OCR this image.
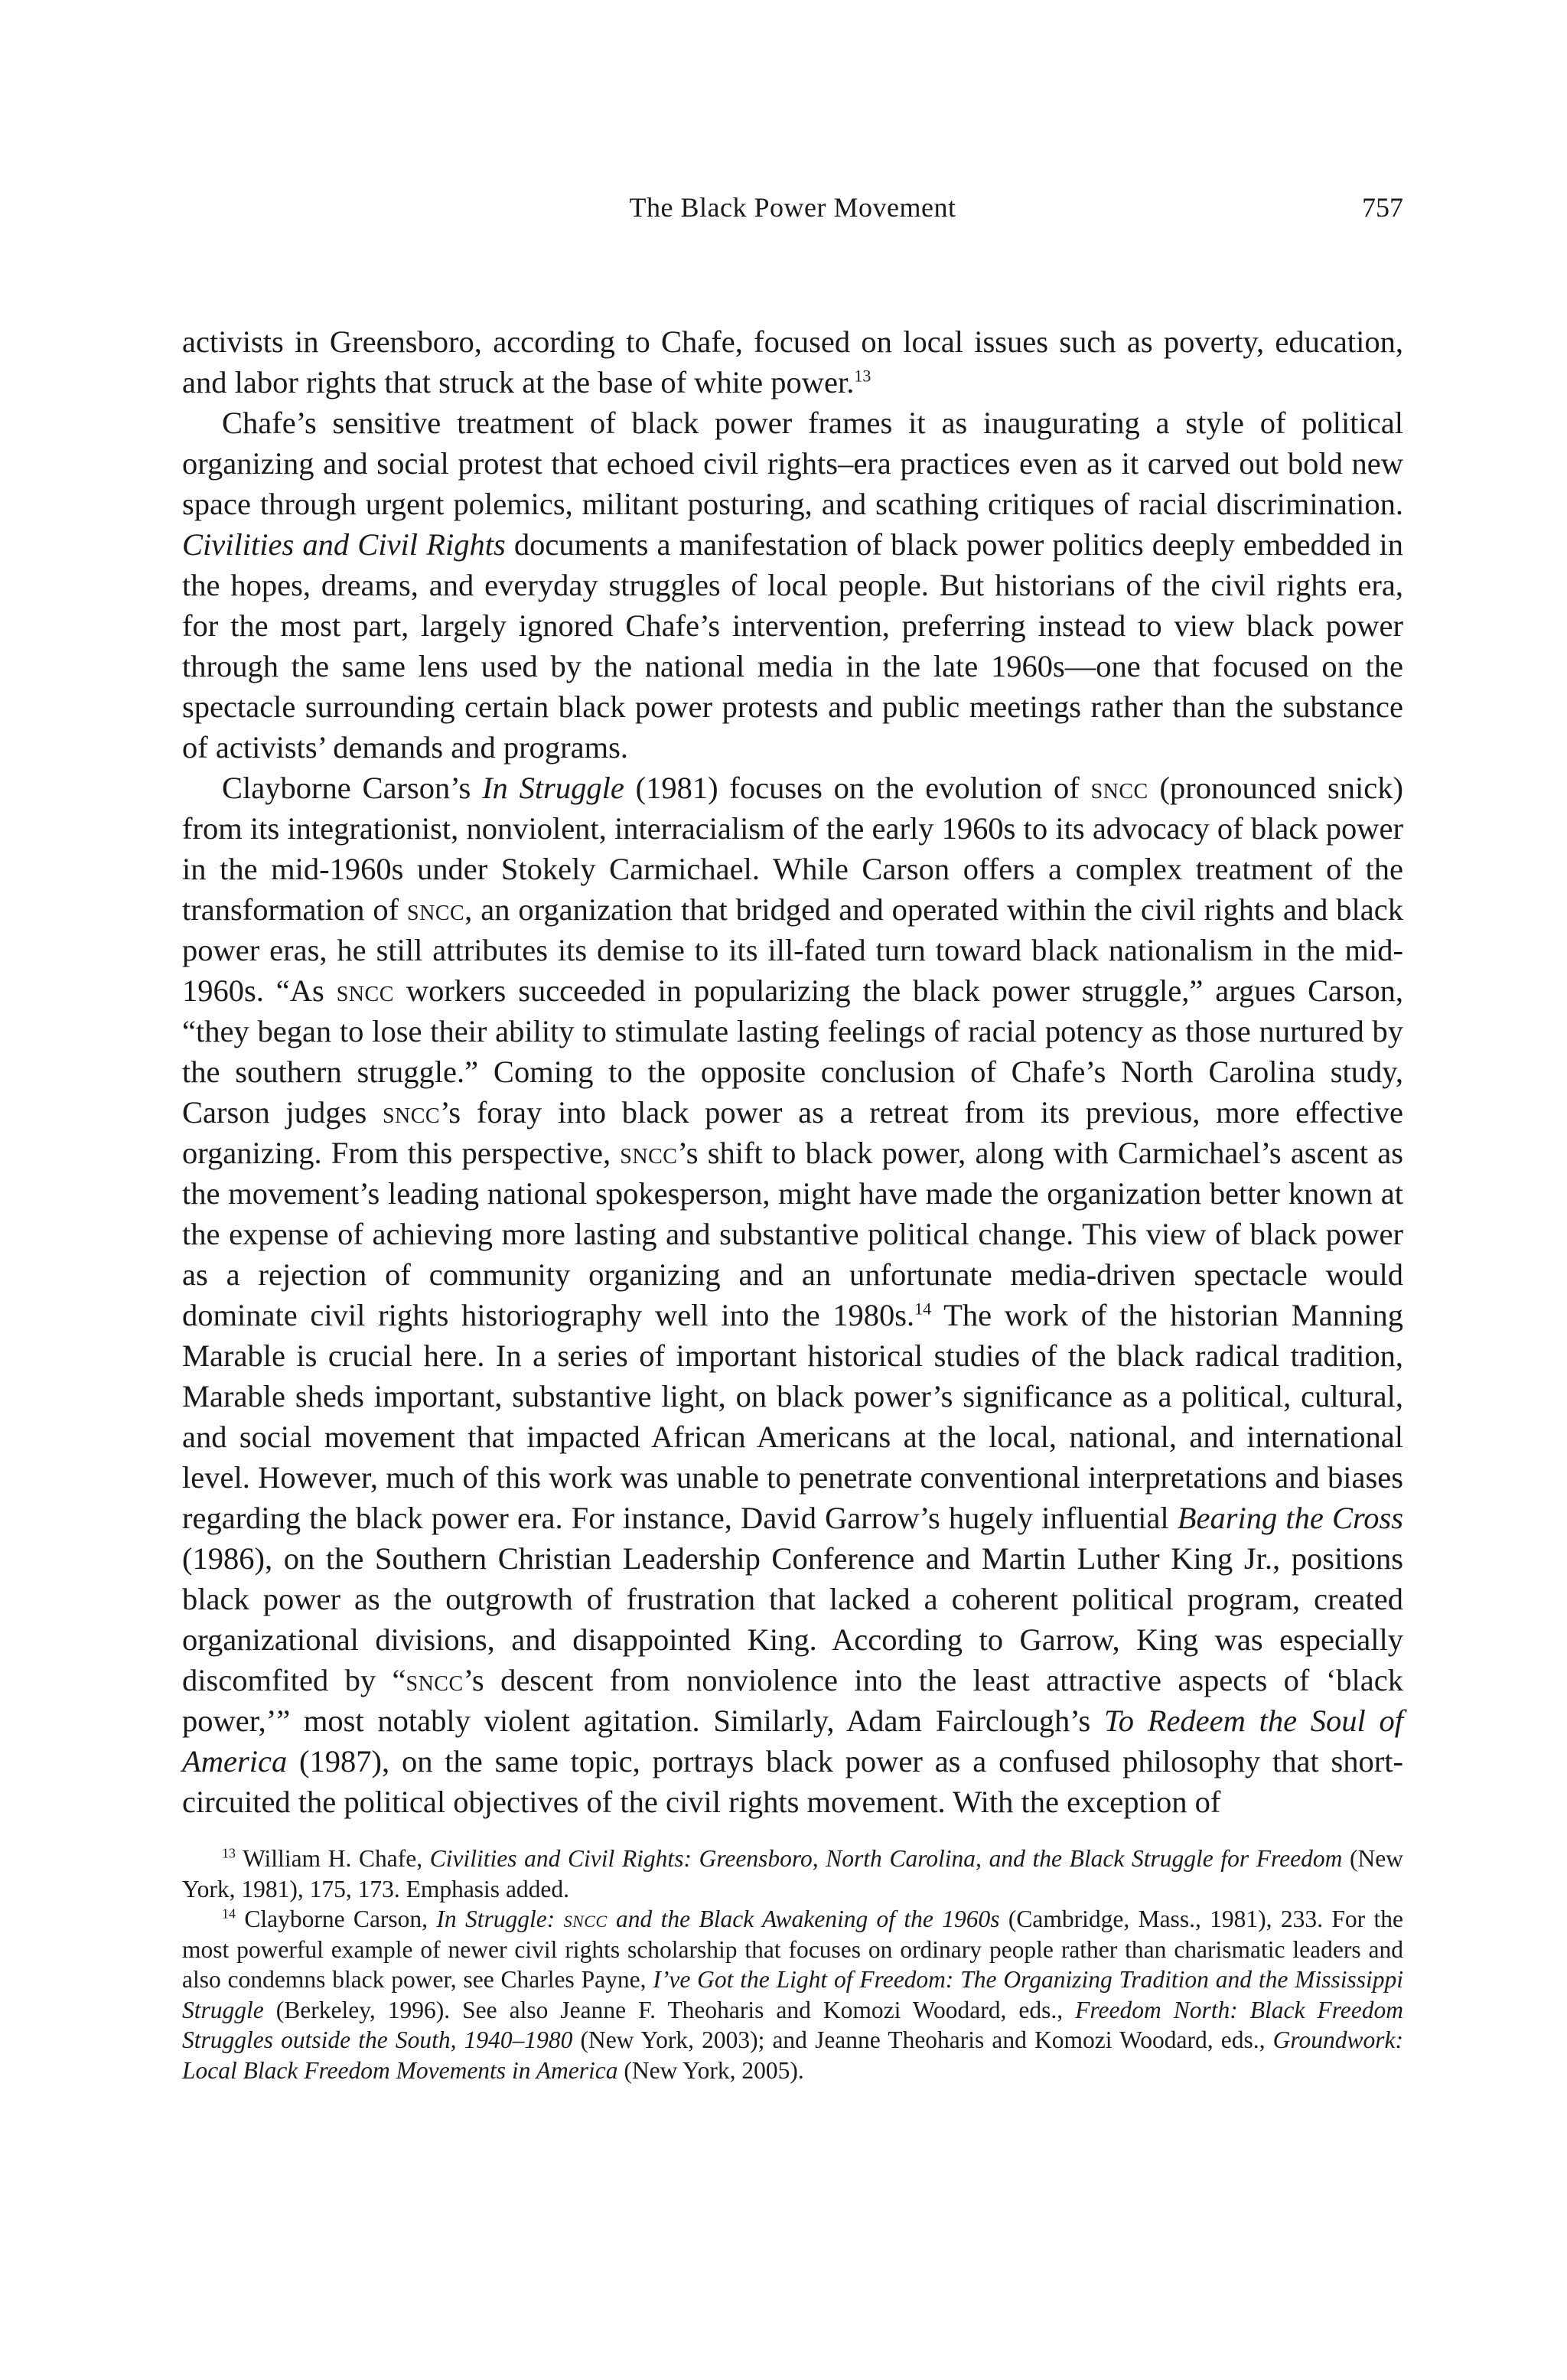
The Black Power Movement	757

activists in Greensboro, according to Chafe, focused on local issues such as poverty, education, and labor rights that struck at the base of white power.$^{13}$

Chafe’s sensitive treatment of black power frames it as inaugurating a style of political organizing and social protest that echoed civil rights–era practices even as it carved out bold new space through urgent polemics, militant posturing, and scathing critiques of racial discrimination. Civilities and Civil Rights documents a manifestation of black power politics deeply embedded in the hopes, dreams, and everyday struggles of local people. But historians of the civil rights era, for the most part, largely ignored Chafe’s intervention, preferring instead to view black power through the same lens used by the national media in the late 1960s—one that focused on the spectacle surrounding certain black power protests and public meetings rather than the substance of activists’ demands and programs.

Clayborne Carson’s In Struggle (1981) focuses on the evolution of sncc (pronounced snick) from its integrationist, nonviolent, interracialism of the early 1960s to its advocacy of black power in the mid-1960s under Stokely Carmichael. While Carson offers a complex treatment of the transformation of sncc, an organization that bridged and operated within the civil rights and black power eras, he still attributes its demise to its ill-fated turn toward black nationalism in the mid-1960s. “As sncc workers succeeded in popularizing the black power struggle,” argues Carson, “they began to lose their ability to stimulate lasting feelings of racial potency as those nurtured by the southern struggle.” Coming to the opposite conclusion of Chafe’s North Carolina study, Carson judges sncc’s foray into black power as a retreat from its previous, more effective organizing. From this perspective, sncc’s shift to black power, along with Carmichael’s ascent as the movement’s leading national spokesperson, might have made the organization better known at the expense of achieving more lasting and substantive political change. This view of black power as a rejection of community organizing and an unfortunate media-driven spectacle would dominate civil rights historiography well into the 1980s.$^{14}$ The work of the historian Manning Marable is crucial here. In a series of important historical studies of the black radical tradition, Marable sheds important, substantive light, on black power’s significance as a political, cultural, and social movement that impacted African Americans at the local, national, and international level. However, much of this work was unable to penetrate conventional interpretations and biases regarding the black power era. For instance, David Garrow’s hugely influential Bearing the Cross (1986), on the Southern Christian Leadership Conference and Martin Luther King Jr., positions black power as the outgrowth of frustration that lacked a coherent political program, created organizational divisions, and disappointed King. According to Garrow, King was especially discomfited by “sncc’s descent from nonviolence into the least attractive aspects of ‘black power,’” most notably violent agitation. Similarly, Adam Fairclough’s To Redeem the Soul of America (1987), on the same topic, portrays black power as a confused philosophy that short-circuited the political objectives of the civil rights movement. With the exception of

$^{13}$ William H. Chafe, Civilities and Civil Rights: Greensboro, North Carolina, and the Black Struggle for Freedom (New York, 1981), 175, 173. Emphasis added.

$^{14}$ Clayborne Carson, In Struggle: sncc and the Black Awakening of the 1960s (Cambridge, Mass., 1981), 233. For the most powerful example of newer civil rights scholarship that focuses on ordinary people rather than charismatic leaders and also condemns black power, see Charles Payne, I’ve Got the Light of Freedom: The Organizing Tradition and the Mississippi Struggle (Berkeley, 1996). See also Jeanne F. Theoharis and Komozi Woodard, eds., Freedom North: Black Freedom Struggles outside the South, 1940–1980 (New York, 2003); and Jeanne Theoharis and Komozi Woodard, eds., Groundwork: Local Black Freedom Movements in America (New York, 2005).
